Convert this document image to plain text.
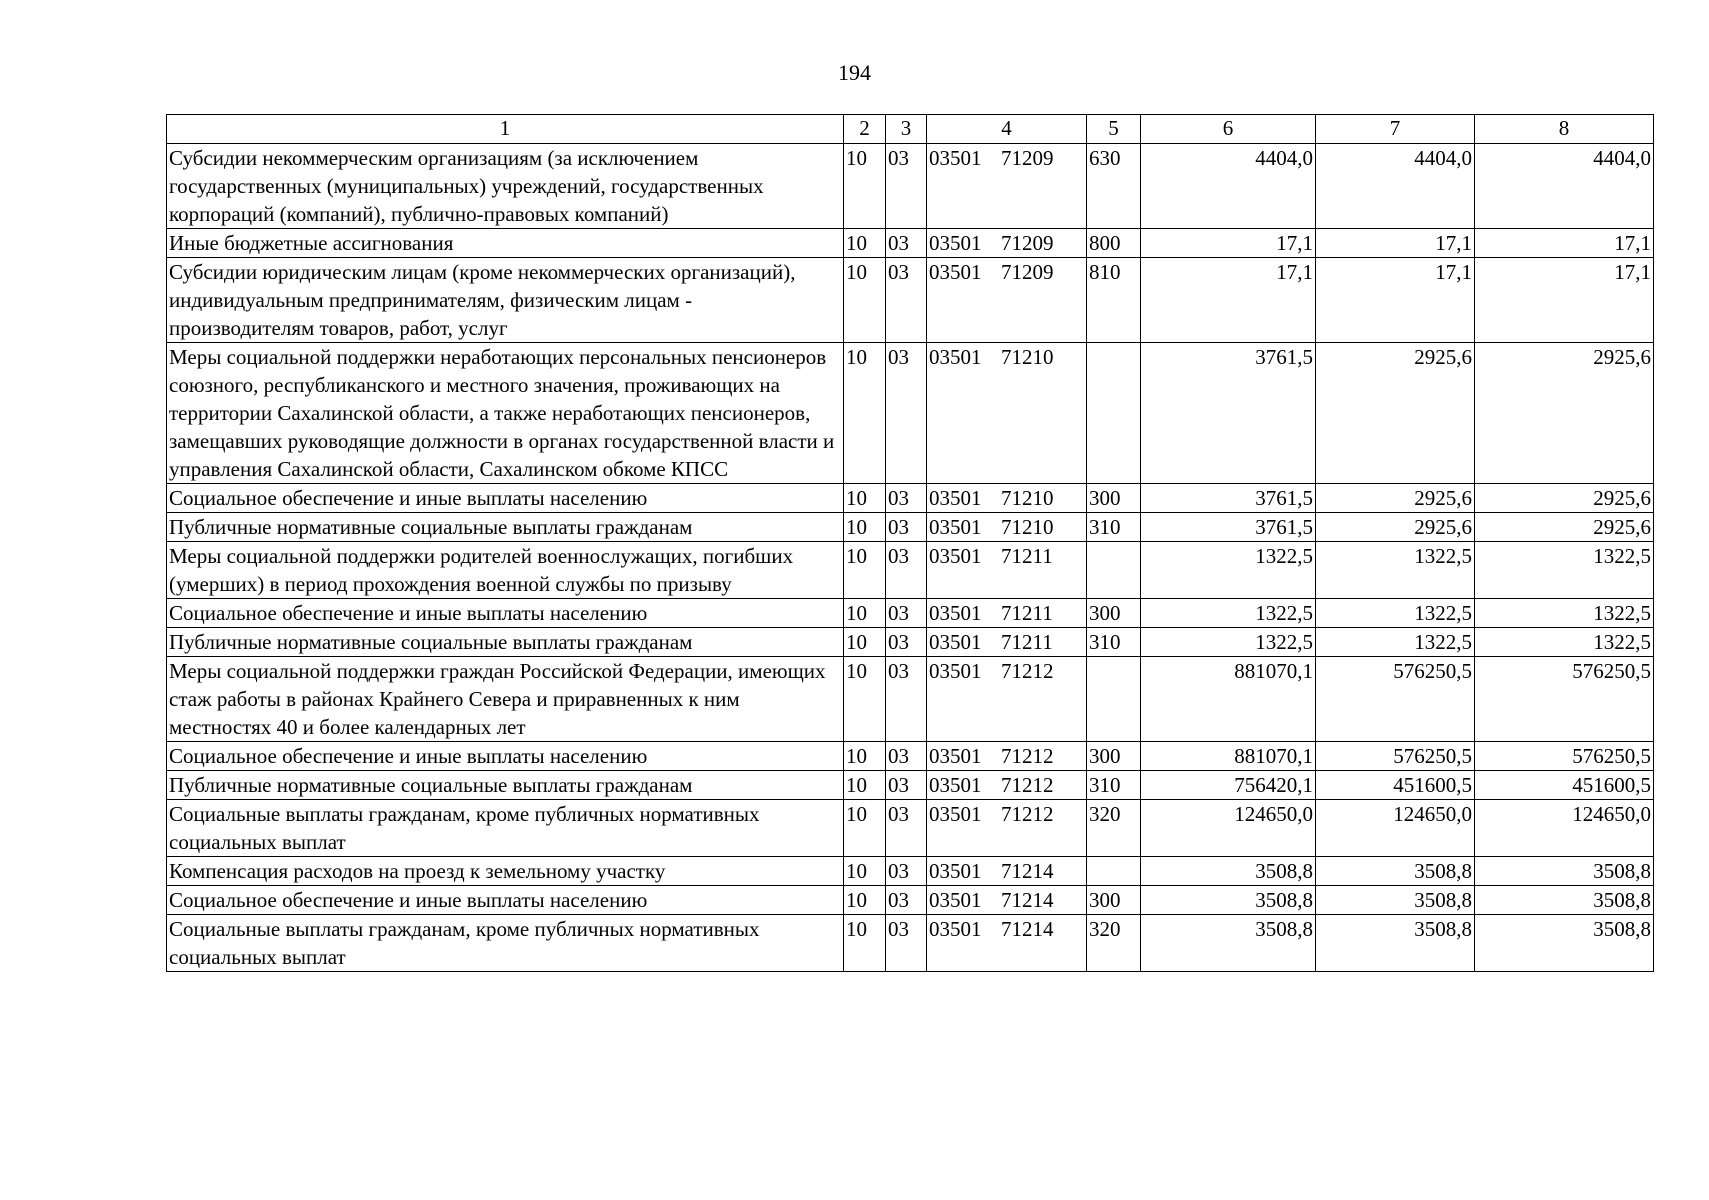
194
1	2	3	4	5	6	7	8
Субсидии некоммерческим организациям (за исключением государственных (муниципальных) учреждений, государственных корпораций (компаний), публично-правовых компаний)	10	03	03501 71209	630	4404,0	4404,0	4404,0
Иные бюджетные ассигнования	10	03	03501 71209	800	17,1	17,1	17,1
Субсидии юридическим лицам (кроме некоммерческих организаций), индивидуальным предпринимателям, физическим лицам - производителям товаров, работ, услуг	10	03	03501 71209	810	17,1	17,1	17,1
Меры социальной поддержки неработающих персональных пенсионеров союзного, республиканского и местного значения, проживающих на территории Сахалинской области, а также неработающих пенсионеров, замещавших руководящие должности в органах государственной власти и управления Сахалинской области, Сахалинском обкоме КПСС	10	03	03501 71210		3761,5	2925,6	2925,6
Социальное обеспечение и иные выплаты населению	10	03	03501 71210	300	3761,5	2925,6	2925,6
Публичные нормативные социальные выплаты гражданам	10	03	03501 71210	310	3761,5	2925,6	2925,6
Меры социальной поддержки родителей военнослужащих, погибших (умерших) в период прохождения военной службы по призыву	10	03	03501 71211		1322,5	1322,5	1322,5
Социальное обеспечение и иные выплаты населению	10	03	03501 71211	300	1322,5	1322,5	1322,5
Публичные нормативные социальные выплаты гражданам	10	03	03501 71211	310	1322,5	1322,5	1322,5
Меры социальной поддержки граждан Российской Федерации, имеющих стаж работы в районах Крайнего Севера и приравненных к ним местностях 40 и более календарных лет	10	03	03501 71212		881070,1	576250,5	576250,5
Социальное обеспечение и иные выплаты населению	10	03	03501 71212	300	881070,1	576250,5	576250,5
Публичные нормативные социальные выплаты гражданам	10	03	03501 71212	310	756420,1	451600,5	451600,5
Социальные выплаты гражданам, кроме публичных нормативных социальных выплат	10	03	03501 71212	320	124650,0	124650,0	124650,0
Компенсация расходов на проезд к земельному участку	10	03	03501 71214		3508,8	3508,8	3508,8
Социальное обеспечение и иные выплаты населению	10	03	03501 71214	300	3508,8	3508,8	3508,8
Социальные выплаты гражданам, кроме публичных нормативных социальных выплат	10	03	03501 71214	320	3508,8	3508,8	3508,8
